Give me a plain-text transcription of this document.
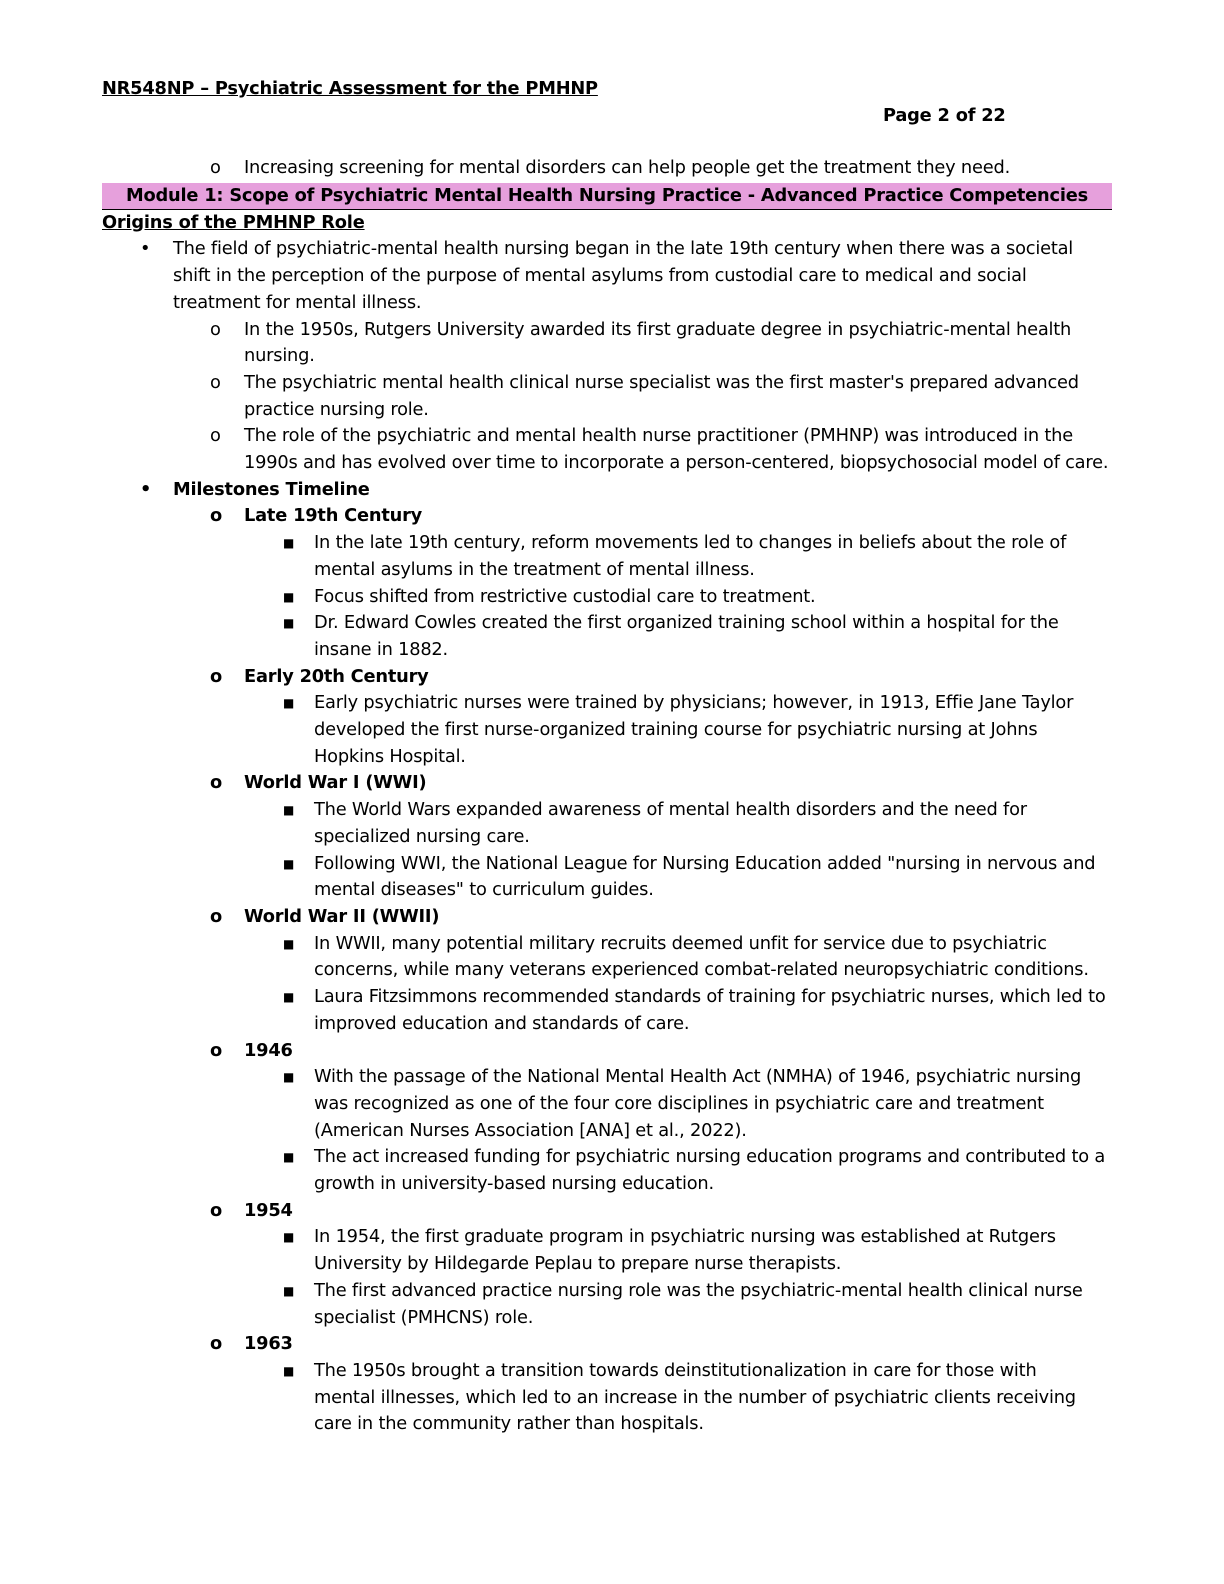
NR548NP – Psychiatric Assessment for the PMHNP
Page 2 of 22
o Increasing screening for mental disorders can help people get the treatment they need.
Module 1: Scope of Psychiatric Mental Health Nursing Practice - Advanced Practice Competencies
Origins of the PMHNP Role
• The field of psychiatric-mental health nursing began in the late 19th century when there was a societal
shift in the perception of the purpose of mental asylums from custodial care to medical and social
treatment for mental illness.
o In the 1950s, Rutgers University awarded its first graduate degree in psychiatric-mental health
nursing.
o The psychiatric mental health clinical nurse specialist was the first master's prepared advanced
practice nursing role.
o The role of the psychiatric and mental health nurse practitioner (PMHNP) was introduced in the
1990s and has evolved over time to incorporate a person-centered, biopsychosocial model of care.
• Milestones Timeline
o Late 19th Century
■ In the late 19th century, reform movements led to changes in beliefs about the role of
mental asylums in the treatment of mental illness.
■ Focus shifted from restrictive custodial care to treatment.
■ Dr. Edward Cowles created the first organized training school within a hospital for the
insane in 1882.
o Early 20th Century
■ Early psychiatric nurses were trained by physicians; however, in 1913, Effie Jane Taylor
developed the first nurse-organized training course for psychiatric nursing at Johns
Hopkins Hospital.
o World War I (WWI)
■ The World Wars expanded awareness of mental health disorders and the need for
specialized nursing care.
■ Following WWI, the National League for Nursing Education added "nursing in nervous and
mental diseases" to curriculum guides.
o World War II (WWII)
■ In WWII, many potential military recruits deemed unfit for service due to psychiatric
concerns, while many veterans experienced combat-related neuropsychiatric conditions.
■ Laura Fitzsimmons recommended standards of training for psychiatric nurses, which led to
improved education and standards of care.
o 1946
■ With the passage of the National Mental Health Act (NMHA) of 1946, psychiatric nursing
was recognized as one of the four core disciplines in psychiatric care and treatment
(American Nurses Association [ANA] et al., 2022).
■ The act increased funding for psychiatric nursing education programs and contributed to a
growth in university-based nursing education.
o 1954
■ In 1954, the first graduate program in psychiatric nursing was established at Rutgers
University by Hildegarde Peplau to prepare nurse therapists.
■ The first advanced practice nursing role was the psychiatric-mental health clinical nurse
specialist (PMHCNS) role.
o 1963
■ The 1950s brought a transition towards deinstitutionalization in care for those with
mental illnesses, which led to an increase in the number of psychiatric clients receiving
care in the community rather than hospitals.
